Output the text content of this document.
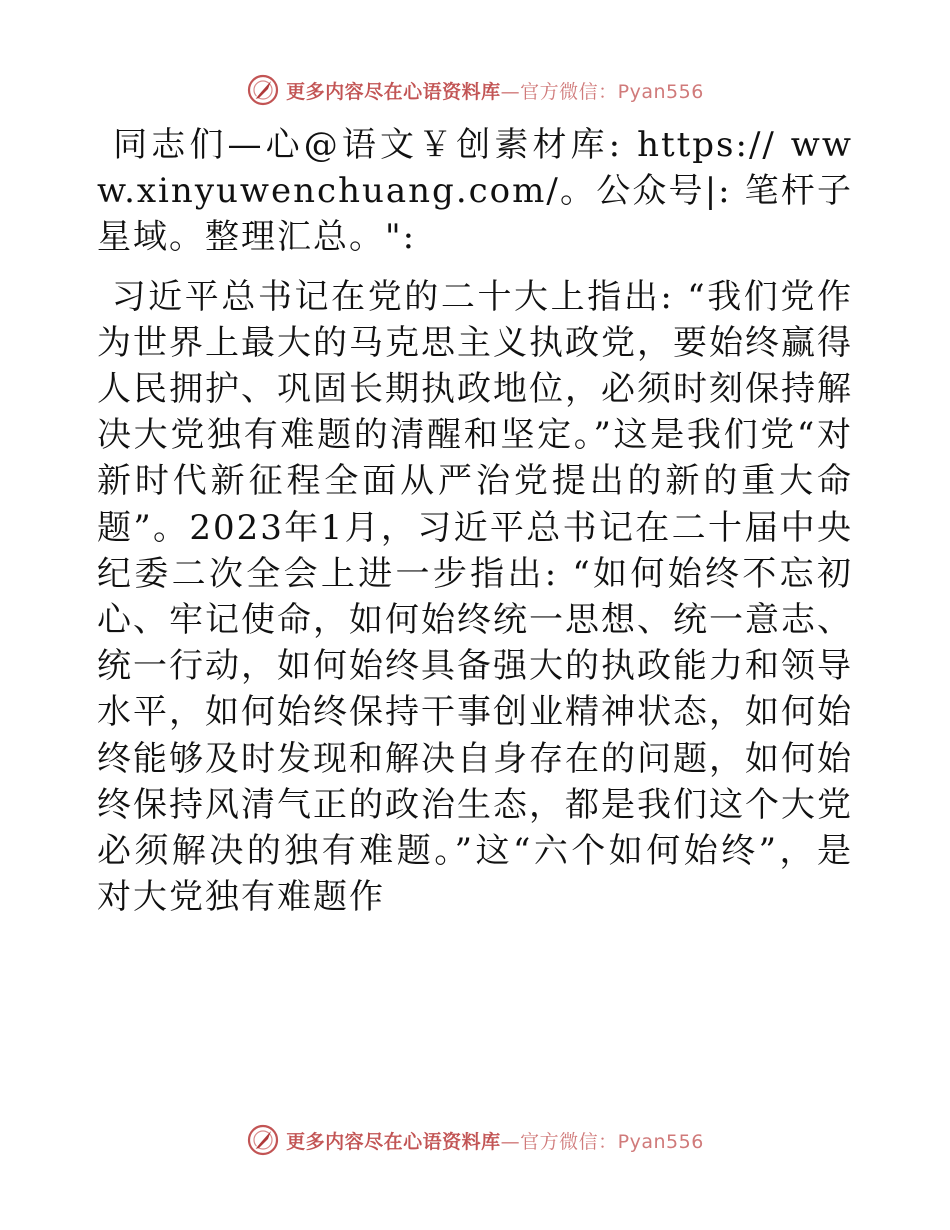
更多内容尽在心语资料库—官方微信：Pyan556

同志们—心@语文￥创素材库: https:// www.xinyuwenchuang.com/。公众号|: 笔杆子星域。整理汇总。":

习近平总书记在党的二十大上指出: “我们党作为世界上最大的马克思主义执政党，要始终赢得人民拥护、巩固长期执政地位，必须时刻保持解决大党独有难题的清醒和坚定。”这是我们党“对新时代新征程全面从严治党提出的新的重大命题”。2023年1月，习近平总书记在二十届中央纪委二次全会上进一步指出: “如何始终不忘初心、牢记使命，如何始终统一思想、统一意志、统一行动，如何始终具备强大的执政能力和领导水平，如何始终保持干事创业精神状态，如何始终能够及时发现和解决自身存在的问题，如何始终保持风清气正的政治生态，都是我们这个大党必须解决的独有难题。”这“六个如何始终”，是对大党独有难题作

更多内容尽在心语资料库—官方微信：Pyan556
